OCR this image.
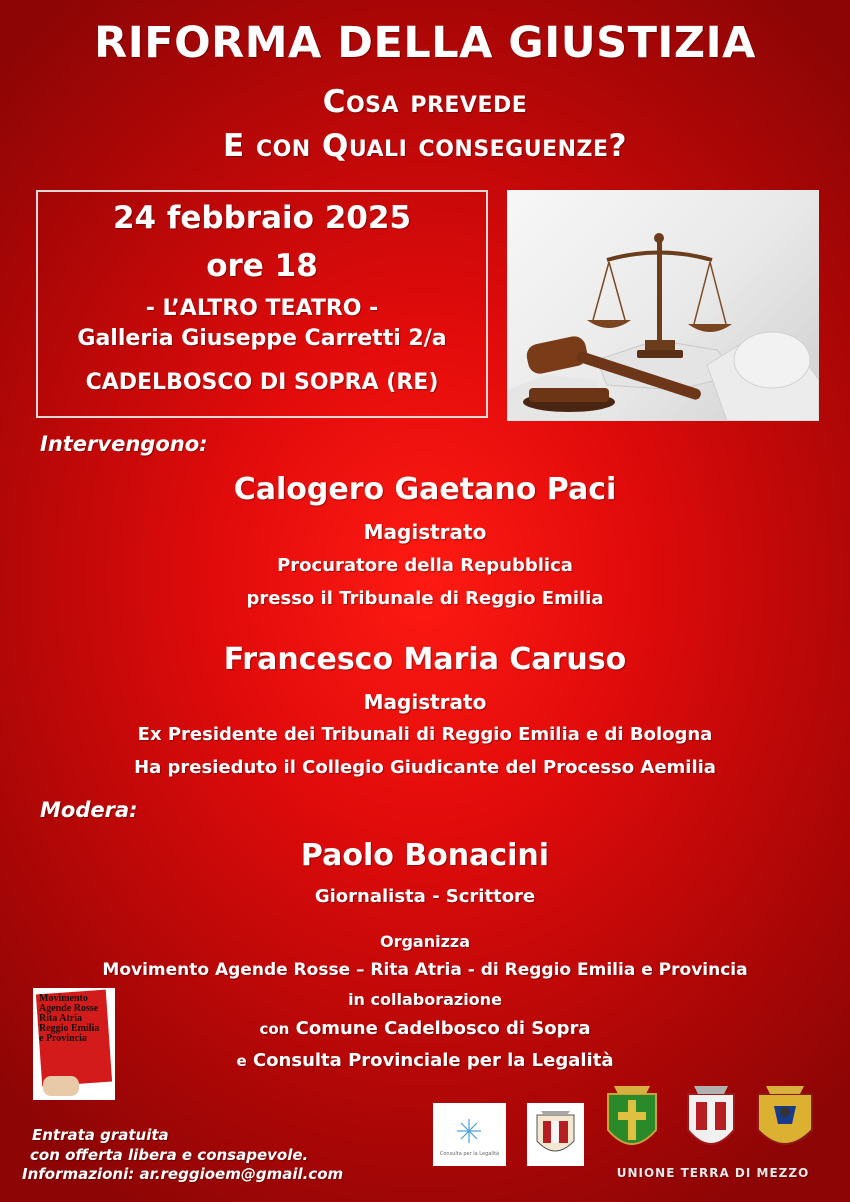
RIFORMA DELLA GIUSTIZIA
Cosa prevede
E con Quali conseguenze?
24 febbraio 2025
ore 18
- L’ALTRO TEATRO -
Galleria Giuseppe Carretti 2/a
CADELBOSCO DI SOPRA (RE)
Intervengono:
Calogero Gaetano Paci
Magistrato
Procuratore della Repubblica
presso il Tribunale di Reggio Emilia
Francesco Maria Caruso
Magistrato
Ex Presidente dei Tribunali di Reggio Emilia e di Bologna
Ha presieduto il Collegio Giudicante del Processo Aemilia
Modera:
Paolo Bonacini
Giornalista - Scrittore
Organizza
Movimento Agende Rosse – Rita Atria - di Reggio Emilia e Provincia
in collaborazione
con Comune Cadelbosco di Sopra
e Consulta Provinciale per la Legalità
Movimento
Agende Rosse
Rita Atria
Reggio Emilia
e Provincia
Entrata gratuita
con offerta libera e consapevole.
Informazioni: ar.reggioem@gmail.com
Consulta per la Legalità
UNIONE TERRA DI MEZZO
